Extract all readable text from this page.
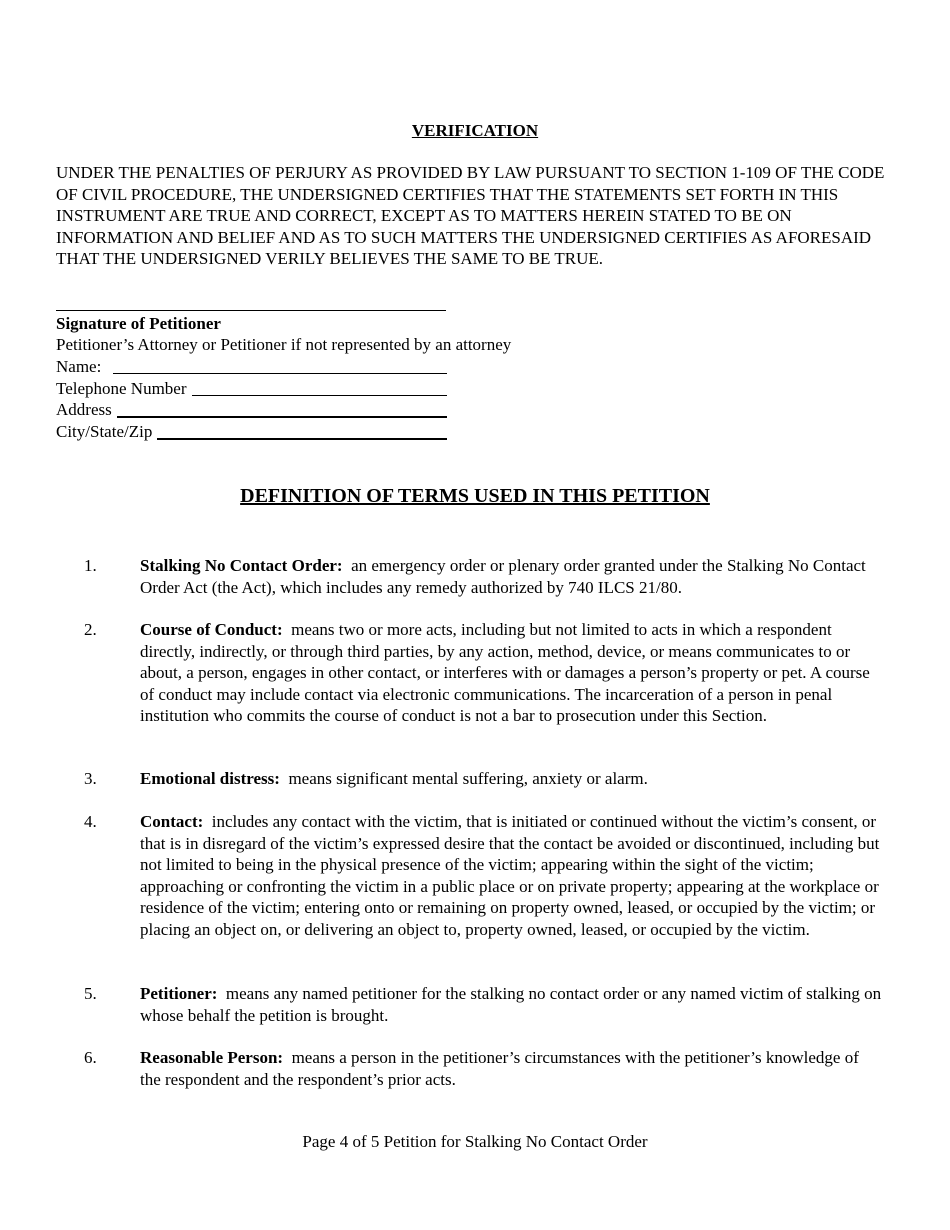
VERIFICATION
UNDER THE PENALTIES OF PERJURY AS PROVIDED BY LAW PURSUANT TO SECTION 1-109 OF THE CODE OF CIVIL PROCEDURE, THE UNDERSIGNED CERTIFIES THAT THE STATEMENTS SET FORTH IN THIS INSTRUMENT ARE TRUE AND CORRECT, EXCEPT AS TO MATTERS HEREIN STATED TO BE ON INFORMATION AND BELIEF AND AS TO SUCH MATTERS THE UNDERSIGNED CERTIFIES AS AFORESAID THAT THE UNDERSIGNED VERILY BELIEVES THE SAME TO BE TRUE.
Signature of Petitioner
Petitioner’s Attorney or Petitioner if not represented by an attorney
Name:
Telephone Number
Address
City/State/Zip
DEFINITION OF TERMS USED IN THIS PETITION
1.	Stalking No Contact Order: an emergency order or plenary order granted under the Stalking No Contact Order Act (the Act), which includes any remedy authorized by 740 ILCS 21/80.
2.	Course of Conduct: means two or more acts, including but not limited to acts in which a respondent directly, indirectly, or through third parties, by any action, method, device, or means communicates to or about, a person, engages in other contact, or interferes with or damages a person’s property or pet. A course of conduct may include contact via electronic communications. The incarceration of a person in penal institution who commits the course of conduct is not a bar to prosecution under this Section.
3.	Emotional distress: means significant mental suffering, anxiety or alarm.
4.	Contact: includes any contact with the victim, that is initiated or continued without the victim’s consent, or that is in disregard of the victim’s expressed desire that the contact be avoided or discontinued, including but not limited to being in the physical presence of the victim; appearing within the sight of the victim; approaching or confronting the victim in a public place or on private property; appearing at the workplace or residence of the victim; entering onto or remaining on property owned, leased, or occupied by the victim; or placing an object on, or delivering an object to, property owned, leased, or occupied by the victim.
5.	Petitioner: means any named petitioner for the stalking no contact order or any named victim of stalking on whose behalf the petition is brought.
6.	Reasonable Person: means a person in the petitioner’s circumstances with the petitioner’s knowledge of the respondent and the respondent’s prior acts.
Page 4 of 5 Petition for Stalking No Contact Order
